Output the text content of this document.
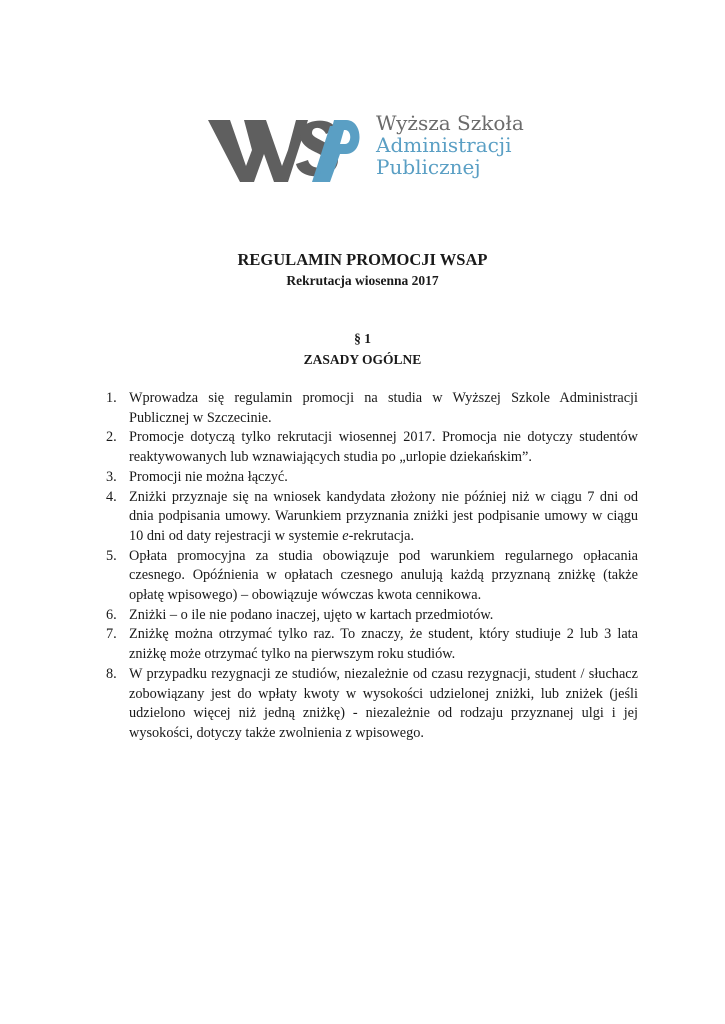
Wyższa Szkoła
Administracji
Publicznej
REGULAMIN PROMOCJI WSAP
Rekrutacja wiosenna 2017
§ 1
ZASADY OGÓLNE
1. Wprowadza się regulamin promocji na studia w Wyższej Szkole Administracji Publicznej w Szczecinie.
2. Promocje dotyczą tylko rekrutacji wiosennej 2017. Promocja nie dotyczy studentów reaktywowanych lub wznawiających studia po „urlopie dziekańskim”.
3. Promocji nie można łączyć.
4. Zniżki przyznaje się na wniosek kandydata złożony nie później niż w ciągu 7 dni od dnia podpisania umowy. Warunkiem przyznania zniżki jest podpisanie umowy w ciągu 10 dni od daty rejestracji w systemie e-rekrutacja.
5. Opłata promocyjna za studia obowiązuje pod warunkiem regularnego opłacania czesnego. Opóźnienia w opłatach czesnego anulują każdą przyznaną zniżkę (także opłatę wpisowego) – obowiązuje wówczas kwota cennikowa.
6. Zniżki – o ile nie podano inaczej, ujęto w kartach przedmiotów.
7. Zniżkę można otrzymać tylko raz. To znaczy, że student, który studiuje 2 lub 3 lata zniżkę może otrzymać tylko na pierwszym roku studiów.
8. W przypadku rezygnacji ze studiów, niezależnie od czasu rezygnacji, student / słuchacz zobowiązany jest do wpłaty kwoty w wysokości udzielonej zniżki, lub zniżek (jeśli udzielono więcej niż jedną zniżkę) - niezależnie od rodzaju przyznanej ulgi i jej wysokości, dotyczy także zwolnienia z wpisowego.
